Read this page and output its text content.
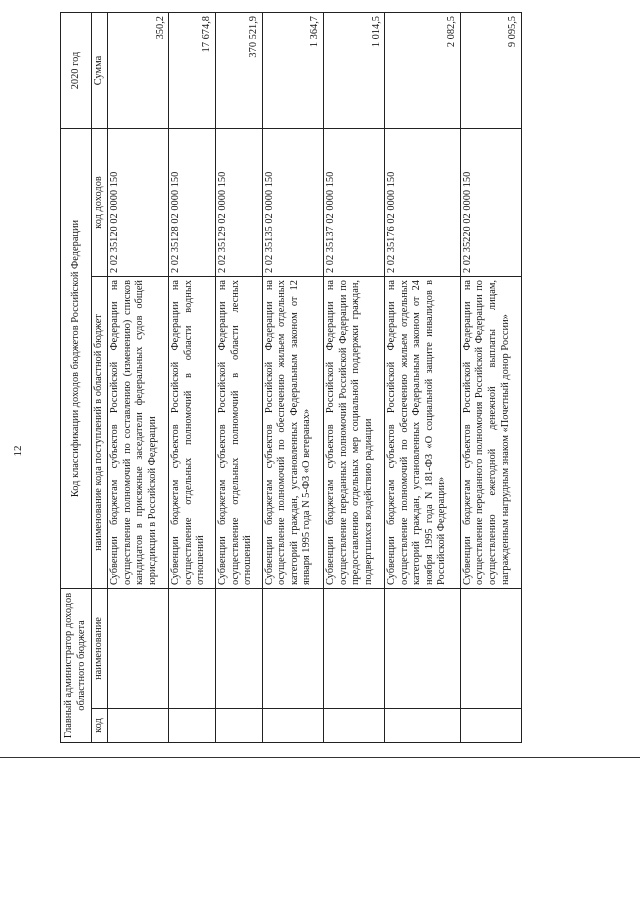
12
Главный администратор доходов областного бюджета		Код классификации доходов бюджетов Российской Федерации		2020 год
код	наименование	наименование кода поступлений в областной бюджет	код доходов	Сумма
		Субвенции бюджетам субъектов Российской Федерации на осуществление полномочий по составлению (изменению) списков кандидатов в присяжные заседатели федеральных судов общей юрисдикции в Российской Федерации	2 02 35120 02 0000 150	350,2
		Субвенции бюджетам субъектов Российской Федерации на осуществление отдельных полномочий в области водных отношений	2 02 35128 02 0000 150	17 674,8
		Субвенции бюджетам субъектов Российской Федерации на осуществление отдельных полномочий в области лесных отношений	2 02 35129 02 0000 150	370 521,9
		Субвенции бюджетам субъектов Российской Федерации на осуществление полномочий по обеспечению жильем отдельных категорий граждан, установленных Федеральным законом от 12 января 1995 года N 5-ФЗ «О ветеранах»	2 02 35135 02 0000 150	1 364,7
		Субвенции бюджетам субъектов Российской Федерации на осуществление переданных полномочий Российской Федерации по предоставлению отдельных мер социальной поддержки граждан, подвергшихся воздействию радиации	2 02 35137 02 0000 150	1 014,5
		Субвенции бюджетам субъектов Российской Федерации на осуществление полномочий по обеспечению жильем отдельных категорий граждан, установленных Федеральным законом от 24 ноября 1995 года N 181-ФЗ «О социальной защите инвалидов в Российской Федерации»	2 02 35176 02 0000 150	2 082,5
		Субвенции бюджетам субъектов Российской Федерации на осуществление переданного полномочия Российской Федерации по осуществлению ежегодной денежной выплаты лицам, награжденным нагрудным знаком «Почетный донор России»	2 02 35220 02 0000 150	9 095,5
